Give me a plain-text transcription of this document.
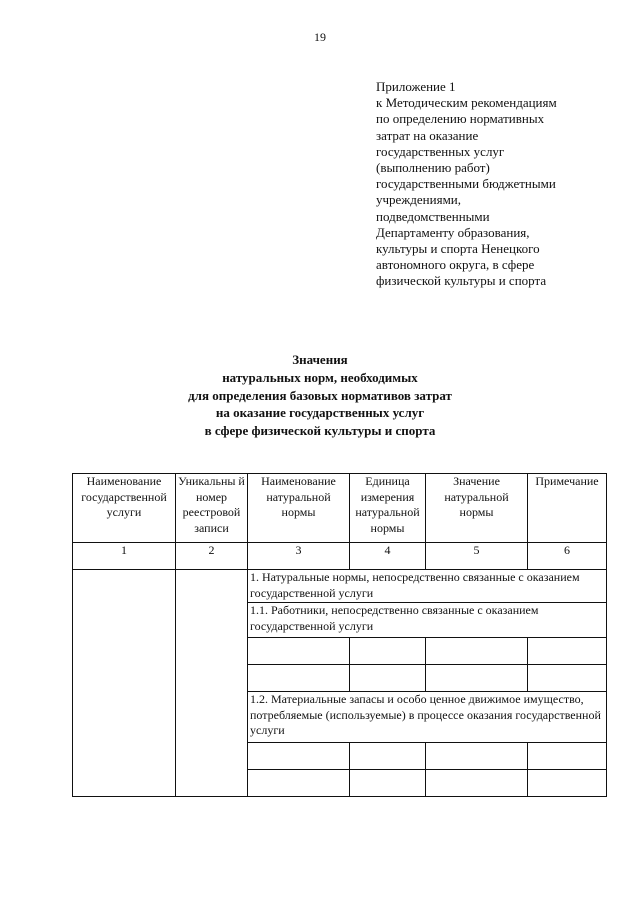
19
Приложение 1
к Методическим рекомендациям
по определению нормативных
затрат на оказание
государственных услуг
(выполнению работ)
государственными бюджетными
учреждениями,
подведомственными
Департаменту образования,
культуры и спорта Ненецкого
автономного округа, в сфере
физической культуры и спорта
Значения
натуральных норм, необходимых
для определения базовых нормативов затрат
на оказание государственных услуг
в сфере физической культуры и спорта
Наименование государственной услуги	Уникальны й номер реестровой записи	Наименование натуральной нормы	Единица измерения натуральной нормы	Значение натуральной нормы	Примечание
1	2	3	4	5	6
		1. Натуральные нормы, непосредственно связанные с оказанием государственной услуги			
		1.1. Работники, непосредственно связанные с оказанием государственной услуги			

		1.2. Материальные запасы и особо ценное движимое имущество, потребляемые (используемые) в процессе оказания государственной услуги			
